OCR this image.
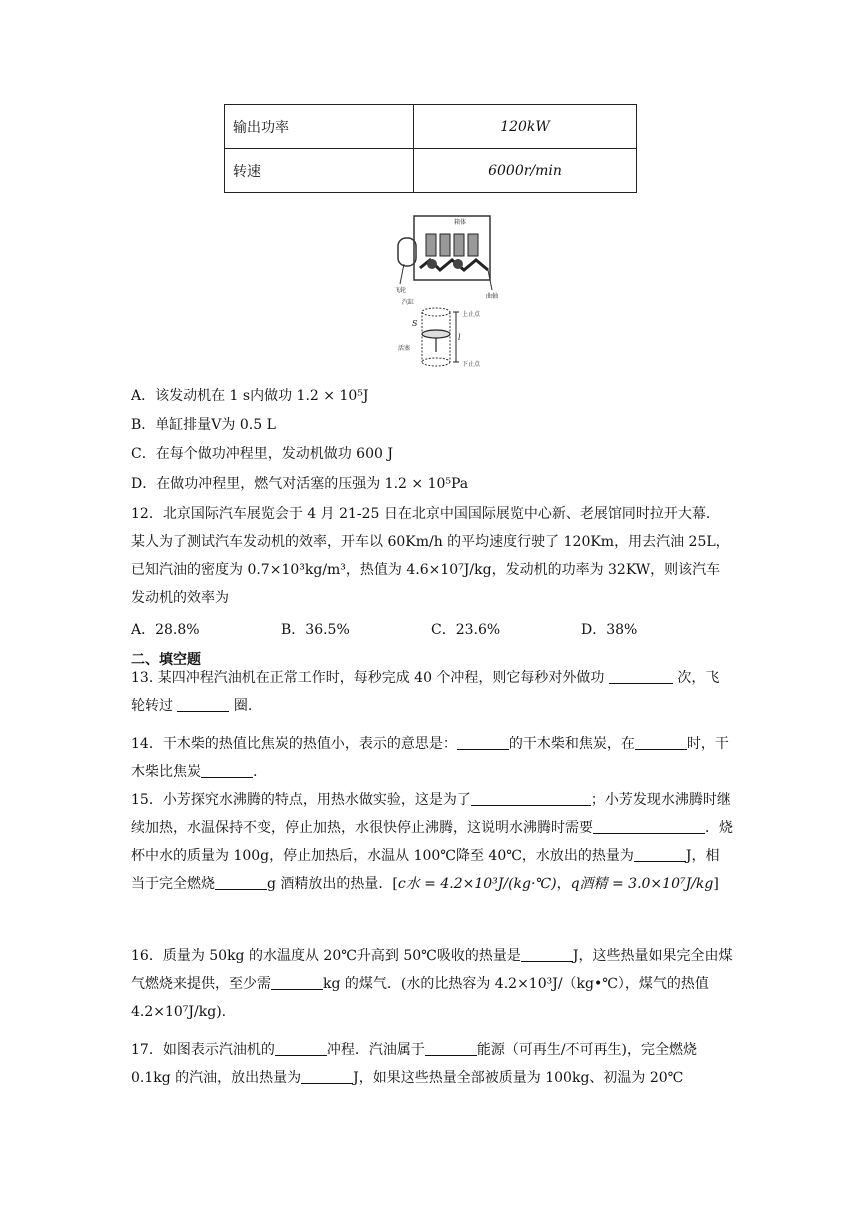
输出功率	120kW
转速	6000r/min
箱体
飞轮
曲轴
汽缸
S
活塞
l
上止点
下止点
A．该发动机在 1 s内做功 1.2 × 10⁵J
B．单缸排量V为 0.5 L
C．在每个做功冲程里，发动机做功 600 J
D．在做功冲程里，燃气对活塞的压强为 1.2 × 10⁵Pa
12．北京国际汽车展览会于 4 月 21-25 日在北京中国国际展览中心新、老展馆同时拉开大幕．某人为了测试汽车发动机的效率，开车以 60Km/h 的平均速度行驶了 120Km，用去汽油 25L，已知汽油的密度为 0.7×10³kg/m³，热值为 4.6×10⁷J/kg，发动机的功率为 32KW，则该汽车发动机的效率为
A．28.8%	B．36.5%	C．23.6%	D．38%
二、填空题
13. 某四冲程汽油机在正常工作时，每秒完成 40 个冲程，则它每秒对外做功	次，飞轮转过	圈.
14．干木柴的热值比焦炭的热值小，表示的意思是：	的干木柴和焦炭，在	时，干木柴比焦炭	.
15．小芳探究水沸腾的特点，用热水做实验，这是为了	；小芳发现水沸腾时继续加热，水温保持不变，停止加热，水很快停止沸腾，这说明水沸腾时需要	．烧杯中水的质量为 100g，停止加热后，水温从 100℃降至 40℃，水放出的热量为	J，相当于完全燃烧	g 酒精放出的热量．[c水 = 4.2×10³J/(kg·℃)，q酒精 = 3.0×10⁷J/kg]
16．质量为 50kg 的水温度从 20℃升高到 50℃吸收的热量是	J，这些热量如果完全由煤气燃烧来提供，至少需	kg 的煤气．(水的比热容为 4.2×10³J/（kg•℃），煤气的热值 4.2×10⁷J/kg).
17．如图表示汽油机的	冲程．汽油属于	能源（可再生/不可再生)，完全燃烧 0.1kg 的汽油，放出热量为	J，如果这些热量全部被质量为 100kg、初温为 20℃
